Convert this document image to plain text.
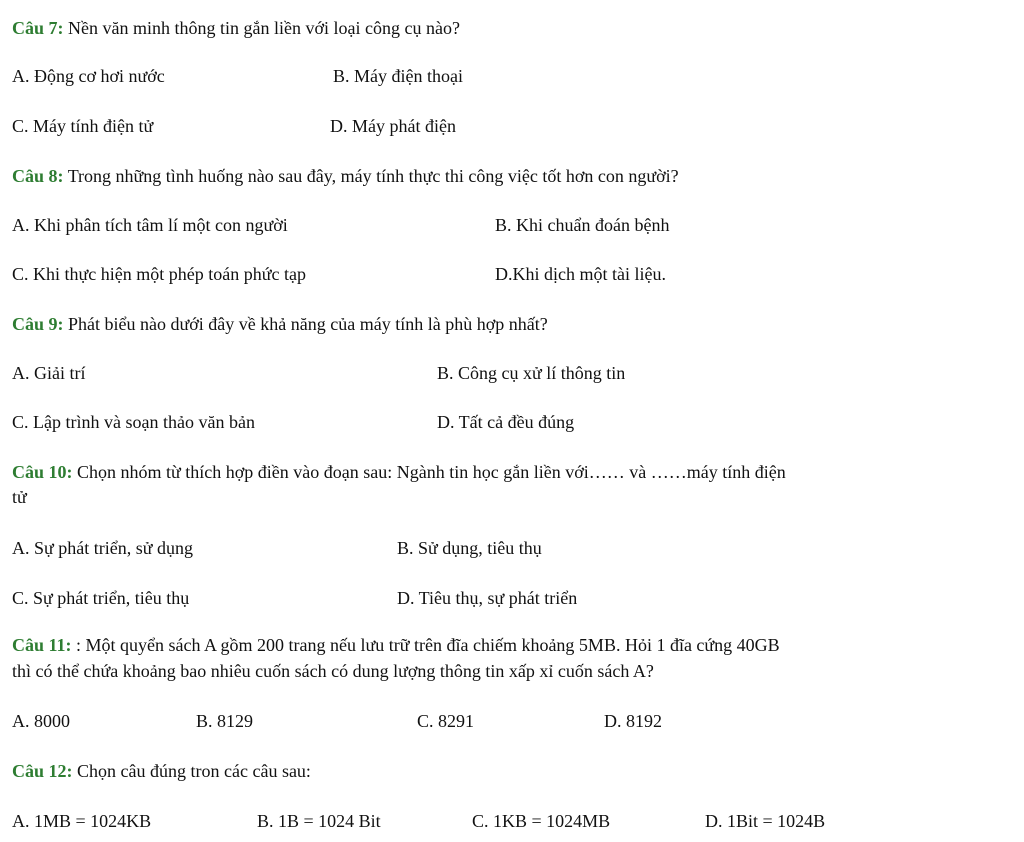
Câu 7: Nền văn minh thông tin gắn liền với loại công cụ nào?

A. Động cơ hơi nước	B. Máy điện thoại

C. Máy tính điện tử	D. Máy phát điện

Câu 8: Trong những tình huống nào sau đây, máy tính thực thi công việc tốt hơn con người?

A. Khi phân tích tâm lí một con người	B. Khi chuẩn đoán bệnh

C. Khi thực hiện một phép toán phức tạp	D.Khi dịch một tài liệu.

Câu 9: Phát biểu nào dưới đây về khả năng của máy tính là phù hợp nhất?

A. Giải trí	B. Công cụ xử lí thông tin

C. Lập trình và soạn thảo văn bản	D. Tất cả đều đúng

Câu 10: Chọn nhóm từ thích hợp điền vào đoạn sau: Ngành tin học gắn liền với…… và ……máy tính điện

tử

A. Sự phát triển, sử dụng	B. Sử dụng, tiêu thụ

C. Sự phát triển, tiêu thụ	D. Tiêu thụ, sự phát triển

Câu 11: : Một quyển sách A gồm 200 trang nếu lưu trữ trên đĩa chiếm khoảng 5MB. Hỏi 1 đĩa cứng 40GB

thì có thể chứa khoảng bao nhiêu cuốn sách có dung lượng thông tin xấp xỉ cuốn sách A?

A. 8000	B. 8129	C. 8291	D. 8192

Câu 12: Chọn câu đúng tron các câu sau:

A. 1MB = 1024KB	B. 1B = 1024 Bit	C. 1KB = 1024MB	D. 1Bit = 1024B
